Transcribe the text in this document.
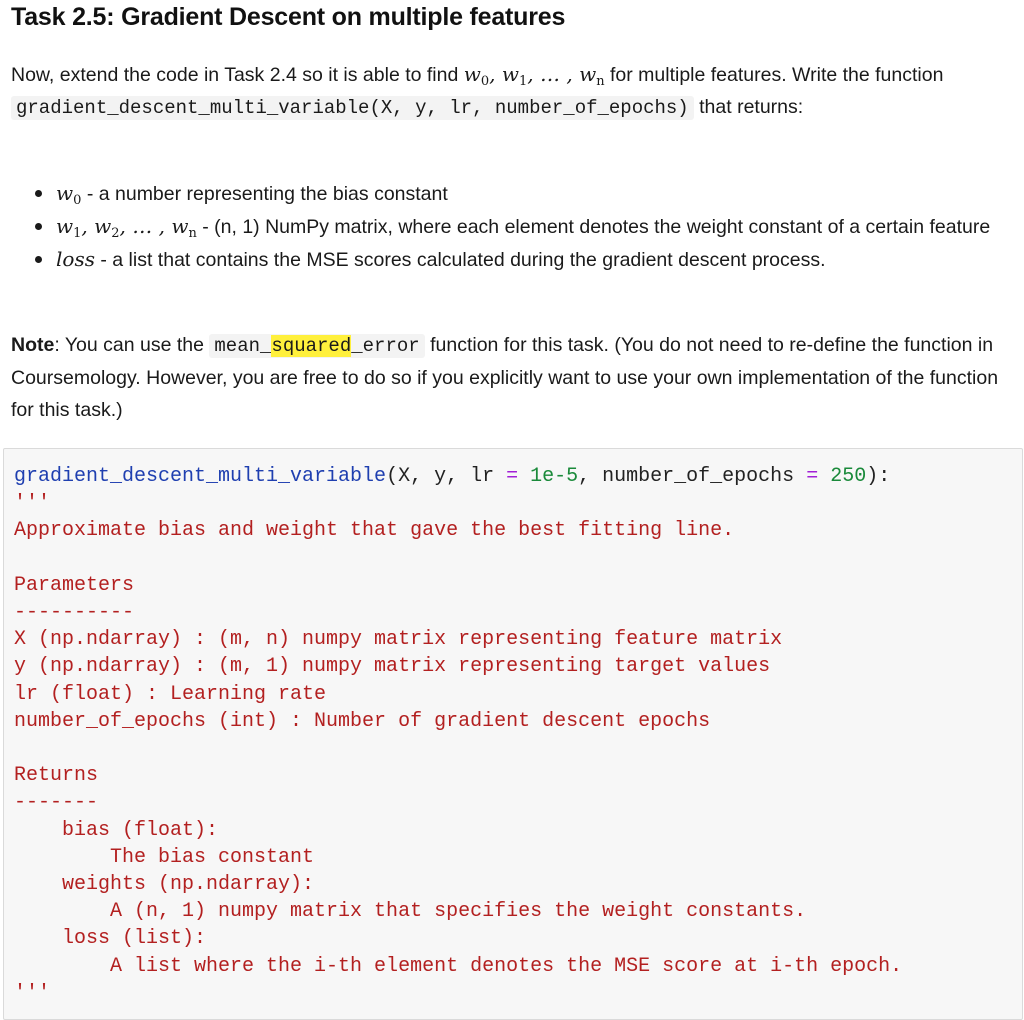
Task 2.5: Gradient Descent on multiple features

Now, extend the code in Task 2.4 so it is able to find $w_0$, $w_1$, … , $w_n$ for multiple features. Write the function gradient_descent_multi_variable(X, y, lr, number_of_epochs) that returns:

$w_0$ - a number representing the bias constant
$w_1$, $w_2$, … , $w_n - (n$, 1) NumPy matrix, where each element denotes the weight constant of a certain feature
loss - a list that contains the MSE scores calculated during the gradient descent process.

Note: You can use the mean_squared_error function for this task. (You do not need to re-define the function in Coursemology. However, you are free to do so if you explicitly want to use your own implementation of the function for this task.)

gradient_descent_multi_variable(X, y, lr = 1e-5, number_of_epochs = 250):
'''
Approximate bias and weight that gave the best fitting line.

Parameters
----------
X (np.ndarray) : (m, n) numpy matrix representing feature matrix
y (np.ndarray) : (m, 1) numpy matrix representing target values
lr (float) : Learning rate
number_of_epochs (int) : Number of gradient descent epochs

Returns
-------
bias (float):
The bias constant
weights (np.ndarray):
A (n, 1) numpy matrix that specifies the weight constants.
loss (list):
A list where the i-th element denotes the MSE score at i-th epoch.
'''
